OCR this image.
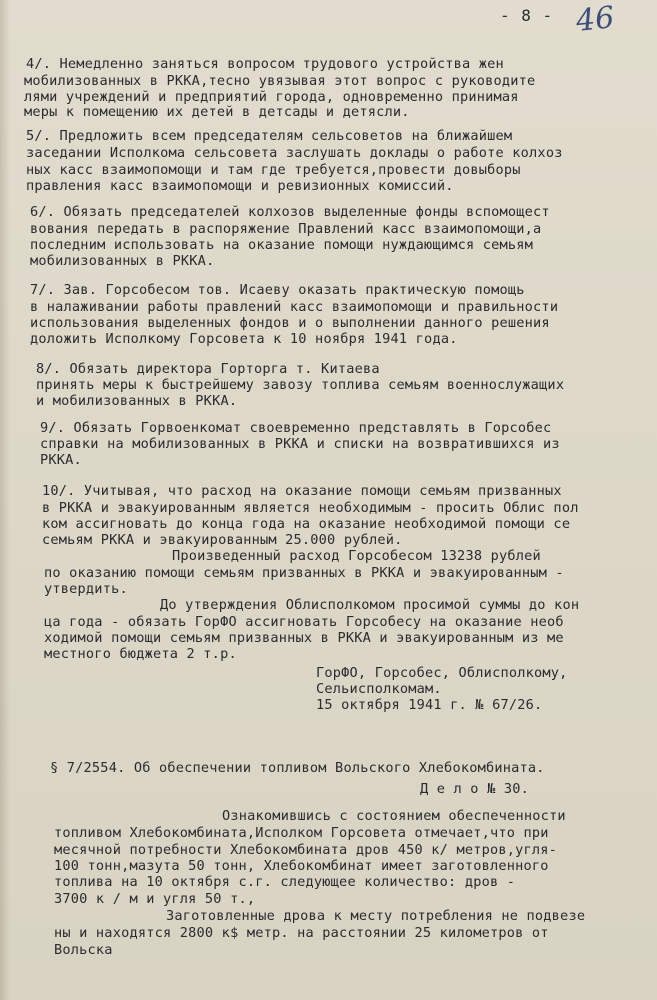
- 8 - 46
4/. Немедленно заняться вопросом трудового устройства жен
мобилизованных в РККА,тесно увязывая этот вопрос с руководите
лями учреждений и предприятий города, одновременно принимая
меры к помещению их детей в детсады и детясли.
5/. Предложить всем председателям сельсоветов на ближайшем
заседании Исполкома сельсовета заслушать доклады о работе колхоз
ных касс взаимопомощи и там где требуется,провести довыборы
правления касс взаимопомощи и ревизионных комиссий.
6/. Обязать председателей колхозов выделенные фонды вспомощест
вования передать в распоряжение Правлений касс взаимопомощи,а
последним использовать на оказание помощи нуждающимся семьям
мобилизованных в РККА.
7/. Зав. Горсобесом тов. Исаеву оказать практическую помощь
в налаживании работы правлений касс взаимопомощи и правильности
использования выделенных фондов и о выполнении данного решения
доложить Исполкому Горсовета к 10 ноября 1941 года.
8/. Обязать директора Горторга т. Китаева
принять меры к быстрейшему завозу топлива семьям военнослужащих
и мобилизованных в РККА.
9/. Обязать Горвоенкомат своевременно представлять в Горсобес
справки на мобилизованных в РККА и списки на возвратившихся из
РККА.
10/. Учитывая, что расход на оказание помощи семьям призванных
в РККА и эвакуированным является необходимым - просить Облис пол
ком ассигновать до конца года на оказание необходимой помощи се
семьям РККА и эвакуированным 25.000 рублей.
Произведенный расход Горсобесом 13238 рублей
по оказанию помощи семьям призванных в РККА и эвакуированным -
утвердить.
До утверждения Облисполкомом просимой суммы до кон
ца года - обязать ГорФО ассигновать Горсобесу на оказание необ
ходимой помощи семьям призванных в РККА и эвакуированным из ме
местного бюджета 2 т.р.
ГорФО, Горсобес, Облисполкому,
Сельисполкомам.
15 октября 1941 г. № 67/26.
§ 7/2554. Об обеспечении топливом Вольского Хлебокомбината.
Д е л о № 30.
Ознакомившись с состоянием обеспеченности
топливом Хлебокомбината,Исполком Горсовета отмечает,что при
месячной потребности Хлебокомбината дров 450 к/ метров,угля-
100 тонн,мазута 50 тонн, Хлебокомбинат имеет заготовленного
топлива на 10 октября с.г. следующее количество: дров -
3700 к / м и угля 50 т.,
Заготовленные дрова к месту потребления не подвезе
ны и находятся 2800 к$ метр. на расстоянии 25 километров от
Вольска
